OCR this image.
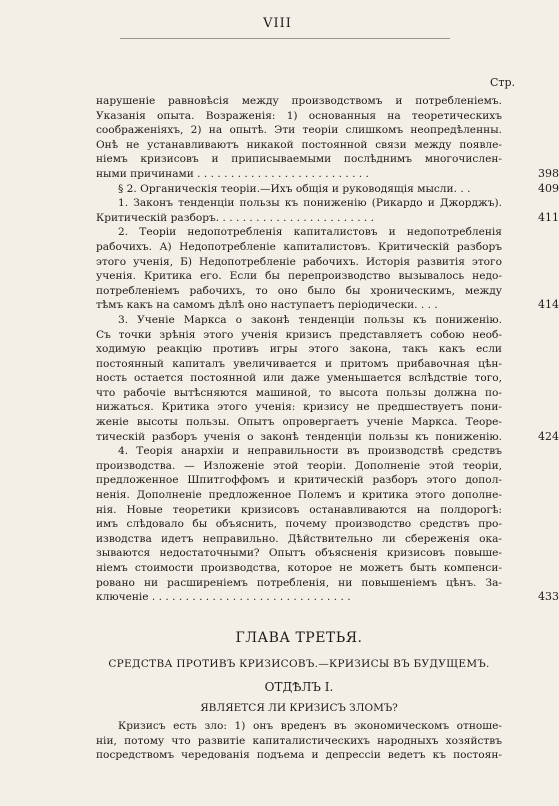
VIII
Стр.
нарушеніе равновѣсія между производствомъ и потребленіемъ.
Указанія опыта. Возраженія: 1) основанныя на теоретическихъ
соображеніяхъ, 2) на опытѣ. Эти теоріи слишкомъ неопредѣленны.
Онѣ не устанавливаютъ никакой постоянной связи между появле-
ніемъ кризисовъ и приписываемыми послѣднимъ многочислен-
ными причинами . . . . . . . . . . . . . . . . . . . . . . . . . .	398
§ 2. Органическія теоріи.—Ихъ общія и руководящія мысли. . .	409
1. Законъ тенденціи пользы къ пониженію (Рикардо и Джорджъ).
Критическій разборъ. . . . . . . . . . . . . . . . . . . . . . . .	411
2. Теоріи недопотребленія капиталистовъ и недопотребленія
рабочихъ. А) Недопотребленіе капиталистовъ. Критическій разборъ
этого ученія, Б) Недопотребленіе рабочихъ. Исторія развитія этого
ученія. Критика его. Если бы перепроизводство вызывалось недо-
потребленіемъ рабочихъ, то оно было бы хроническимъ, между
тѣмъ какъ на самомъ дѣлѣ оно наступаетъ періодически. . . .	414
3. Ученіе Маркса о законѣ тенденціи пользы къ пониженію.
Съ точки зрѣнія этого ученія кризисъ представляетъ собою необ-
ходимую реакцію противъ игры этого закона, такъ какъ если
постоянный капиталъ увеличивается и притомъ прибавочная цѣн-
ность остается постоянной или даже уменьшается вслѣдствіе того,
что рабочіе вытѣсняются машиной, то высота пользы должна по-
нижаться. Критика этого ученія: кризису не предшествуетъ пони-
женіе высоты пользы. Опытъ опровергаетъ ученіе Маркса. Теоре-
тическій разборъ ученія о законѣ тенденціи пользы къ пониженію.	424
4. Теорія анархіи и неправильности въ производствѣ средствъ
производства. — Изложеніе этой теоріи. Дополненіе этой теоріи,
предложенное Шпитгоффомъ и критическій разборъ этого допол-
ненія. Дополненіе предложенное Полемъ и критика этого дополне-
нія. Новые теоретики кризисовъ останавливаются на полдорогѣ:
имъ слѣдовало бы объяснить, почему производство средствъ про-
изводства идетъ неправильно. Дѣйствительно ли сбереженія ока-
зываются недостаточными? Опытъ объясненія кризисовъ повыше-
ніемъ стоимости производства, которое не можетъ быть компенси-
ровано ни расширеніемъ потребленія, ни повышеніемъ цѣнъ. За-
ключеніе . . . . . . . . . . . . . . . . . . . . . . . . . . . . . .	433
ГЛАВА ТРЕТЬЯ.
СРЕДСТВА ПРОТИВЪ КРИЗИСОВЪ.—КРИЗИСЫ ВЪ БУДУЩЕМЪ.
ОТДѢЛЪ I.
ЯВЛЯЕТСЯ ЛИ КРИЗИСЪ ЗЛОМЪ?
Кризисъ есть зло: 1) онъ вреденъ въ экономическомъ отноше-
ніи, потому что развитіе капиталистическихъ народныхъ хозяйствъ
посредствомъ чередованія подъема и депрессіи ведетъ къ постоян-
